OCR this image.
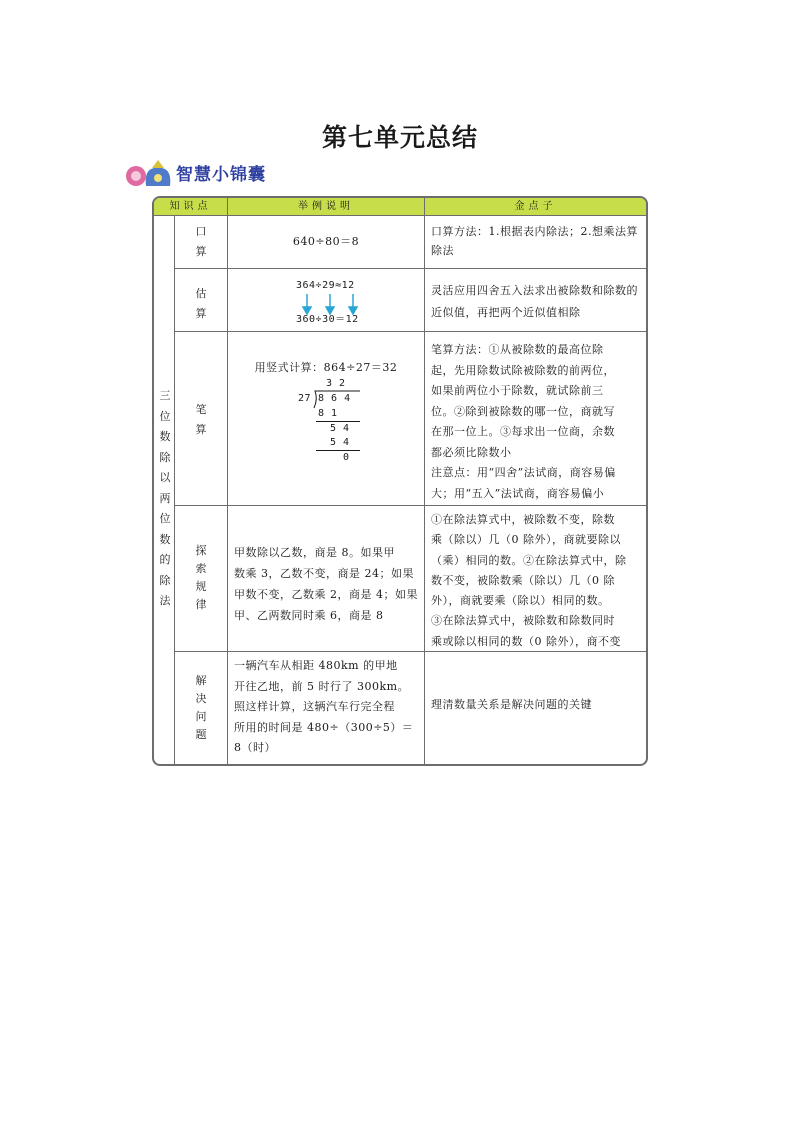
第七单元总结
智慧小锦囊
知识点	举例说明	金点子
三位数除以两位数的除法
口算
640÷80＝8
口算方法：1.根据表内除法；2.想乘法算除法
估算
364÷29≈12
360÷30＝12
灵活应用四舍五入法求出被除数和除数的近似值，再把两个近似值相除
笔算
用竖式计算：864÷27＝32
3 2
27 8 6 4
8 1
5 4
5 4
0
笔算方法：①从被除数的最高位除
起，先用除数试除被除数的前两位，
如果前两位小于除数，就试除前三
位。②除到被除数的哪一位，商就写
在那一位上。③每求出一位商，余数
都必须比除数小
注意点：用“四舍”法试商，商容易偏
大；用“五入”法试商，商容易偏小
探索规律
甲数除以乙数，商是 8。如果甲
数乘 3，乙数不变，商是 24；如果
甲数不变，乙数乘 2，商是 4；如果
甲、乙两数同时乘 6，商是 8
①在除法算式中，被除数不变，除数
乘（除以）几（0 除外），商就要除以
（乘）相同的数。②在除法算式中，除
数不变，被除数乘（除以）几（0 除
外），商就要乘（除以）相同的数。
③在除法算式中，被除数和除数同时
乘或除以相同的数（0 除外），商不变
解决问题
一辆汽车从相距 480km 的甲地
开往乙地，前 5 时行了 300km。
照这样计算，这辆汽车行完全程
所用的时间是 480÷（300÷5）＝
8（时）
理清数量关系是解决问题的关键
